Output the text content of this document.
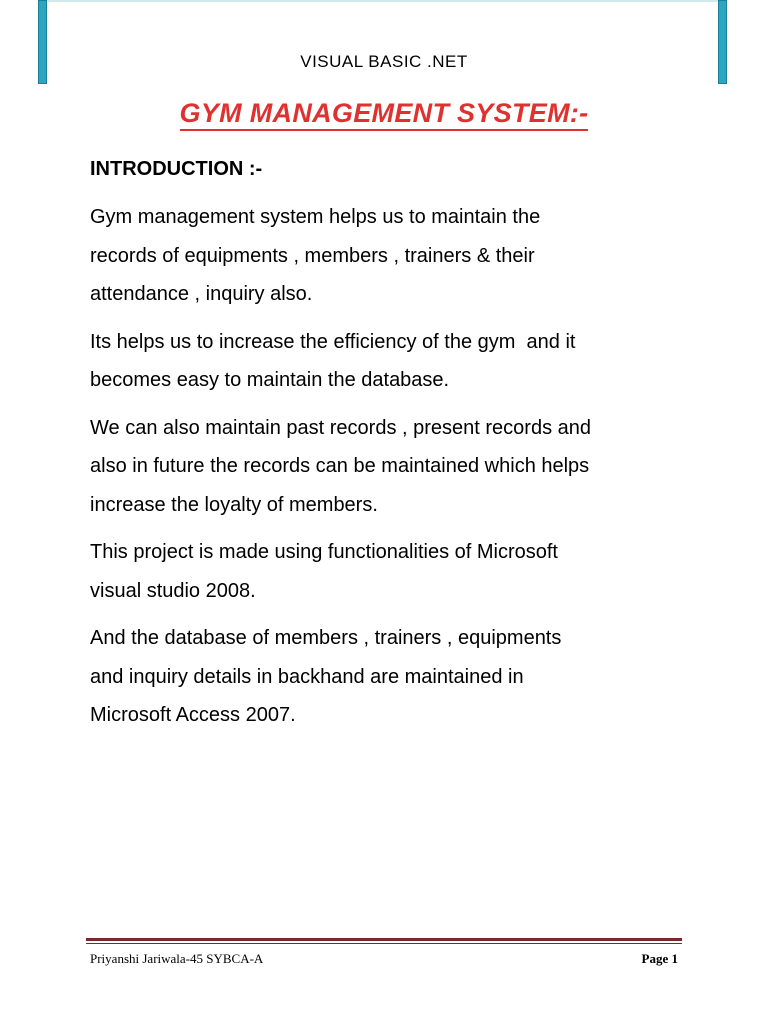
VISUAL BASIC .NET
GYM MANAGEMENT SYSTEM:-
INTRODUCTION :-

Gym management system helps us to maintain the
records of equipments , members , trainers & their
attendance , inquiry also.

Its helps us to increase the efficiency of the gym  and it
becomes easy to maintain the database.

We can also maintain past records , present records and
also in future the records can be maintained which helps
increase the loyalty of members.

This project is made using functionalities of Microsoft
visual studio 2008.

And the database of members , trainers , equipments
and inquiry details in backhand are maintained in
Microsoft Access 2007.

Priyanshi Jariwala-45 SYBCA-A	Page 1
